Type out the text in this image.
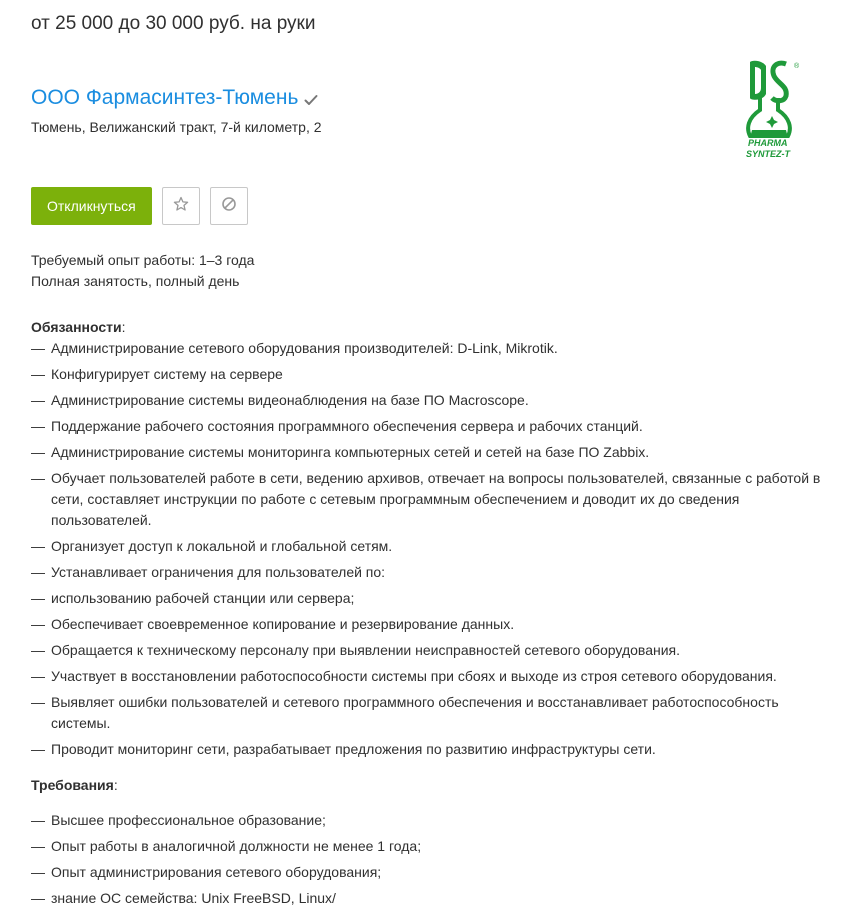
от 25 000 до 30 000 руб. на руки
ООО Фармасинтез-Тюмень
Тюмень, Велижанский тракт, 7-й километр, 2
®
PHARMA
SYNTEZ-T
Откликнуться
Требуемый опыт работы: 1–3 года
Полная занятость, полный день
Обязанности:
— Администрирование сетевого оборудования производителей: D-Link, Mikrotik.
— Конфигурирует систему на сервере
— Администрирование системы видеонаблюдения на базе ПО Macroscope.
— Поддержание рабочего состояния программного обеспечения сервера и рабочих станций.
— Администрирование системы мониторинга компьютерных сетей и сетей на базе ПО Zabbix.
— Обучает пользователей работе в сети, ведению архивов, отвечает на вопросы пользователей, связанные с работой в сети, составляет инструкции по работе с сетевым программным обеспечением и доводит их до сведения пользователей.
— Организует доступ к локальной и глобальной сетям.
— Устанавливает ограничения для пользователей по:
— использованию рабочей станции или сервера;
— Обеспечивает своевременное копирование и резервирование данных.
— Обращается к техническому персоналу при выявлении неисправностей сетевого оборудования.
— Участвует в восстановлении работоспособности системы при сбоях и выходе из строя сетевого оборудования.
— Выявляет ошибки пользователей и сетевого программного обеспечения и восстанавливает работоспособность системы.
— Проводит мониторинг сети, разрабатывает предложения по развитию инфраструктуры сети.
Требования:
— Высшее профессиональное образование;
— Опыт работы в аналогичной должности не менее 1 года;
— Опыт администрирования сетевого оборудования;
— знание ОС семейства: Unix FreeBSD, Linux/
